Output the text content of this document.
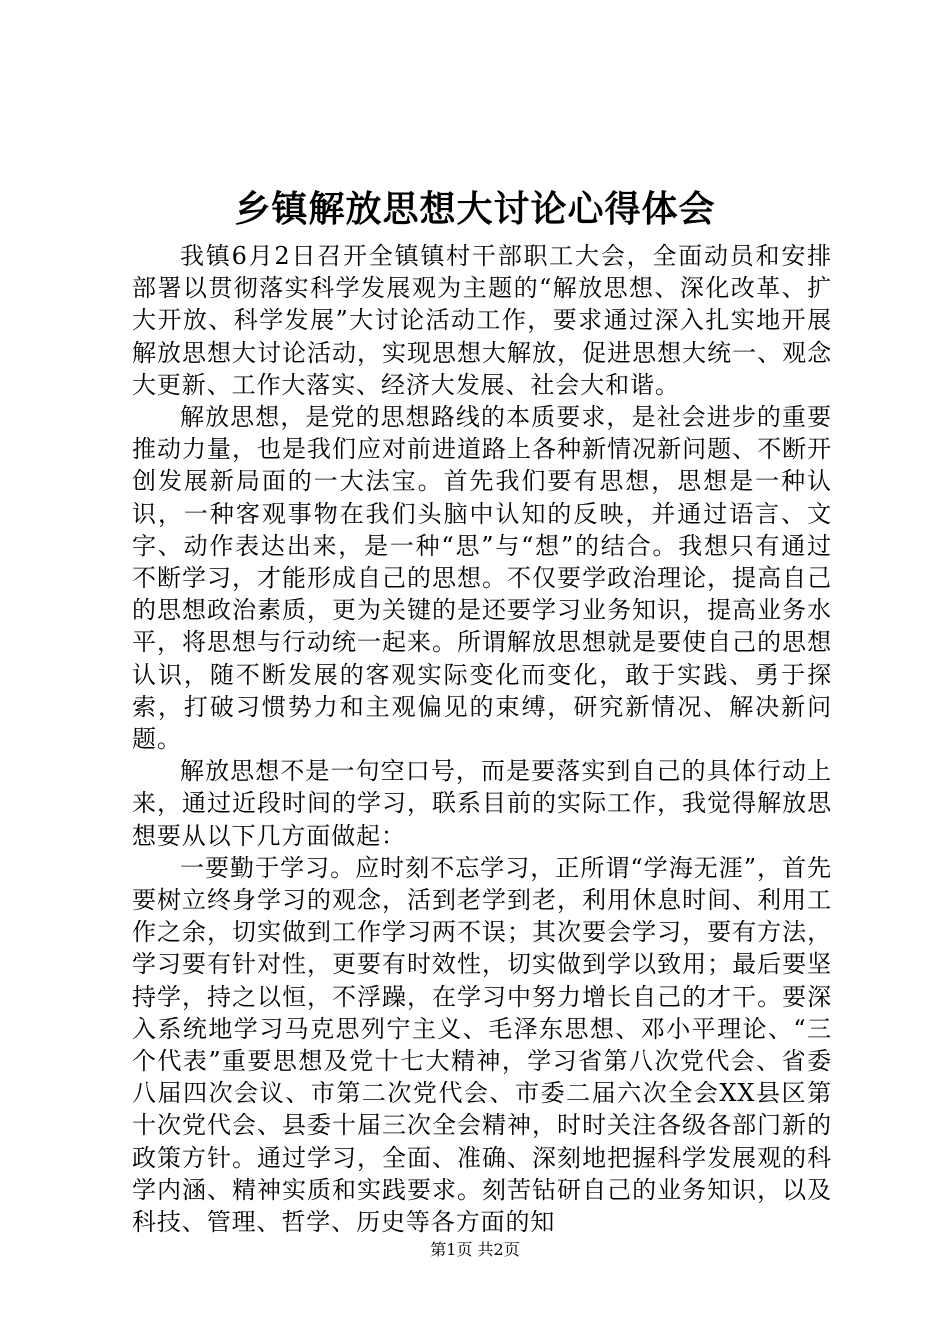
乡镇解放思想大讨论心得体会

我镇6月2日召开全镇镇村干部职工大会，全面动员和安排部署以贯彻落实科学发展观为主题的“解放思想、深化改革、扩大开放、科学发展”大讨论活动工作，要求通过深入扎实地开展解放思想大讨论活动，实现思想大解放，促进思想大统一、观念大更新、工作大落实、经济大发展、社会大和谐。

解放思想，是党的思想路线的本质要求，是社会进步的重要推动力量，也是我们应对前进道路上各种新情况新问题、不断开创发展新局面的一大法宝。首先我们要有思想，思想是一种认识，一种客观事物在我们头脑中认知的反映，并通过语言、文字、动作表达出来，是一种“思”与“想”的结合。我想只有通过不断学习，才能形成自己的思想。不仅要学政治理论，提高自己的思想政治素质，更为关键的是还要学习业务知识，提高业务水平，将思想与行动统一起来。所谓解放思想就是要使自己的思想认识，随不断发展的客观实际变化而变化，敢于实践、勇于探索，打破习惯势力和主观偏见的束缚，研究新情况、解决新问题。

解放思想不是一句空口号，而是要落实到自己的具体行动上来，通过近段时间的学习，联系目前的实际工作，我觉得解放思想要从以下几方面做起：

一要勤于学习。应时刻不忘学习，正所谓“学海无涯”，首先要树立终身学习的观念，活到老学到老，利用休息时间、利用工作之余，切实做到工作学习两不误；其次要会学习，要有方法，学习要有针对性，更要有时效性，切实做到学以致用；最后要坚持学，持之以恒，不浮躁，在学习中努力增长自己的才干。要深入系统地学习马克思列宁主义、毛泽东思想、邓小平理论、“三个代表”重要思想及党十七大精神，学习省第八次党代会、省委八届四次会议、市第二次党代会、市委二届六次全会XX县区第十次党代会、县委十届三次全会精神，时时关注各级各部门新的政策方针。通过学习，全面、准确、深刻地把握科学发展观的科学内涵、精神实质和实践要求。刻苦钻研自己的业务知识，以及科技、管理、哲学、历史等各方面的知

第1页 共2页
